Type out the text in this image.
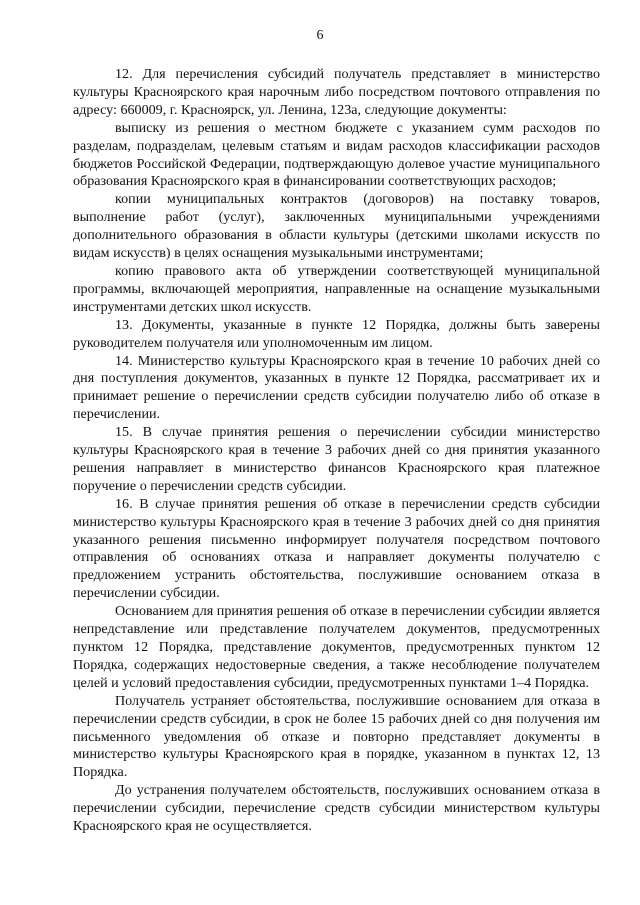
6

12. Для перечисления субсидий получатель представляет в министерство культуры Красноярского края нарочным либо посредством почтового отправления по адресу: 660009, г. Красноярск, ул. Ленина, 123а, следующие документы:

выписку из решения о местном бюджете с указанием сумм расходов по разделам, подразделам, целевым статьям и видам расходов классификации расходов бюджетов Российской Федерации, подтверждающую долевое участие муниципального образования Красноярского края в финансировании соответствующих расходов;

копии муниципальных контрактов (договоров) на поставку товаров, выполнение работ (услуг), заключенных муниципальными учреждениями дополнительного образования в области культуры (детскими школами искусств по видам искусств) в целях оснащения музыкальными инструментами;

копию правового акта об утверждении соответствующей муниципальной программы, включающей мероприятия, направленные на оснащение музыкальными инструментами детских школ искусств.

13. Документы, указанные в пункте 12 Порядка, должны быть заверены руководителем получателя или уполномоченным им лицом.

14. Министерство культуры Красноярского края в течение 10 рабочих дней со дня поступления документов, указанных в пункте 12 Порядка, рассматривает их и принимает решение о перечислении средств субсидии получателю либо об отказе в перечислении.

15. В случае принятия решения о перечислении субсидии министерство культуры Красноярского края в течение 3 рабочих дней со дня принятия указанного решения направляет в министерство финансов Красноярского края платежное поручение о перечислении средств субсидии.

16. В случае принятия решения об отказе в перечислении средств субсидии министерство культуры Красноярского края в течение 3 рабочих дней со дня принятия указанного решения письменно информирует получателя посредством почтового отправления об основаниях отказа и направляет документы получателю с предложением устранить обстоятельства, послужившие основанием отказа в перечислении субсидии.

Основанием для принятия решения об отказе в перечислении субсидии является непредставление или представление получателем документов, предусмотренных пунктом 12 Порядка, представление документов, предусмотренных пунктом 12 Порядка, содержащих недостоверные сведения, а также несоблюдение получателем целей и условий предоставления субсидии, предусмотренных пунктами 1–4 Порядка.

Получатель устраняет обстоятельства, послужившие основанием для отказа в перечислении средств субсидии, в срок не более 15 рабочих дней со дня получения им письменного уведомления об отказе и повторно представляет документы в министерство культуры Красноярского края в порядке, указанном в пунктах 12, 13 Порядка.

До устранения получателем обстоятельств, послуживших основанием отказа в перечислении субсидии, перечисление средств субсидии министерством культуры Красноярского края не осуществляется.
